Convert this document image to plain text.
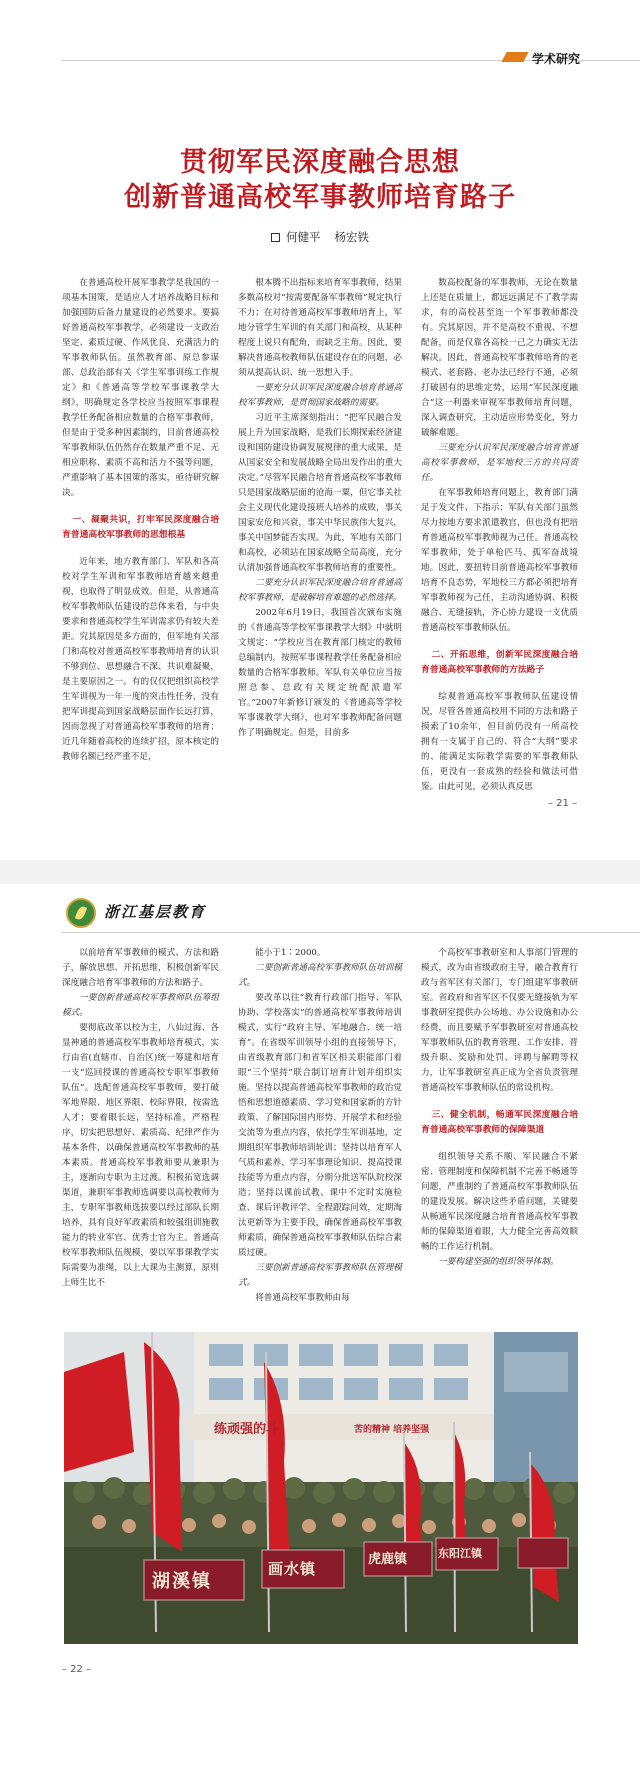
学术研究
贯彻军民深度融合思想
创新普通高校军事教师培育路子
何健平 杨宏铁

在普通高校开展军事教学是我国的一项基本国策，是适应人才培养战略目标和加强国防后备力量建设的必然要求。要搞好普通高校军事教学，必须建设一支政治坚定、素质过硬、作风优良、充满活力的军事教师队伍。虽然教育部、原总参谋部、总政治部有关《学生军事训练工作规定》和《普通高等学校军事课教学大纲》，明确规定各学校应当按照军事课程教学任务配备相应数量的合格军事教师，但是由于受多种因素制约，目前普通高校军事教师队伍仍然存在数量严重不足、无相应职称、素质不高和活力不强等问题，严重影响了基本国策的落实，亟待研究解决。

一、凝聚共识，打牢军民深度融合培育普通高校军事教师的思想根基

近年来，地方教育部门、军队和各高校对学生军训和军事教师培育越来越重视，也取得了明显成效。但是，从普通高校军事教师队伍建设的总体来看，与中央要求和普通高校学生军训需求仍有较大差距。究其原因是多方面的，但军地有关部门和高校对普通高校军事教师培育的认识不够到位、思想融合不深、共识难凝聚，是主要原因之一。有的仅仅把组织高校学生军训视为一年一度的突击性任务，没有把军训提高到国家战略层面作长远打算，因而忽视了对普通高校军事教师的培育；近几年随着高校的连续扩招，原本核定的教师名额已经严重不足，

根本腾不出指标来培育军事教师，结果多数高校对“按需要配备军事教师”规定执行不力；在对待普通高校军事教师培育上，军地分管学生军训的有关部门和高校，从某种程度上说只有配角，而缺乏主角。因此，要解决普通高校教师队伍建设存在的问题，必须从提高认识、统一思想入手。

一要充分认识军民深度融合培育普通高校军事教师，是贯彻国家战略的需要。

习近平主席深刻指出：“把军民融合发展上升为国家战略，是我们长期探索经济建设和国防建设协调发展规律的重大成果，是从国家安全和发展战略全局出发作出的重大决定。”尽管军民融合培育普通高校军事教师只是国家战略层面的沧海一粟，但它事关社会主义现代化建设接班人培养的成败，事关国家安危和兴衰，事关中华民族伟大复兴，事关中国梦能否实现。为此，军地有关部门和高校，必须站在国家战略全局高度，充分认清加强普通高校军事教师培育的重要性。

二要充分认识军民深度融合培育普通高校军事教师，是破解培育难题的必然选择。

2002年6月19日，我国首次颁布实施的《普通高等学校军事课教学大纲》中就明文规定：“学校应当在教育部门核定的教师总编制内，按照军事课程教学任务配备相应数量的合格军事教师。军队有关单位应当按照总参、总政有关规定统配派遣军官。”2007年新修订颁发的《普通高等学校军事课教学大纲》，也对军事教师配备问题作了明确规定。但是，目前多

数高校配备的军事教师，无论在数量上还是在质量上，都远远满足不了教学需求，有的高校甚至连一个军事教师都没有。究其原因，并不是高校不重视、不想配备，而是仅靠各高校一己之力确实无法解决。因此，普通高校军事教师培育的老模式、老套路、老办法已经行不通，必须打破固有的思维定势，运用“军民深度融合”这一利器来审视军事教师培育问题，深入调查研究，主动适应形势变化，努力破解难题。

三要充分认识军民深度融合培育普通高校军事教师，是军地校三方的共同责任。

在军事教师培育问题上，教育部门满足于发文件、下指示；军队有关部门虽然尽力按地方要求派遣教官，但也没有把培育普通高校军事教师视为己任。普通高校军事教师，处于单枪匹马、孤军奋战境地。因此，要扭转目前普通高校军事教师培育不良态势，军地校三方都必须把培育军事教师视为己任，主动沟通协调、积极融合、无缝接轨，齐心协力建设一支优质普通高校军事教师队伍。

二、开拓思维，创新军民深度融合培育普通高校军事教师的方法路子

综观普通高校军事教师队伍建设情况，尽管各普通高校用不同的方法和路子摸索了10余年，但目前仍没有一所高校拥有一支属于自己的、符合“大纲”要求的、能满足实际教学需要的军事教师队伍，更没有一套成熟的经验和做法可借鉴。由此可见，必须认真反思

– 21 –
浙江基层教育

以前培育军事教师的模式、方法和路子，解放思想、开拓思维，积极创新军民深度融合培育军事教师的方法和路子。

一要创新普通高校军事教师队伍筹组模式。

要彻底改革以校为主，八仙过海、各显神通的普通高校军事教师培育模式，实行由省(直辖市、自治区)统一筹建和培育一支“巡回授课的普通高校专职军事教师队伍”。选配普通高校军事教师，要打破军地界限、地区界限、校际界限，按需选人才；要着眼长远，坚持标准，严格程序，切实把思想好、素质高、纪律严作为基本条件，以确保普通高校军事教师的基本素质。普通高校军事教师要从兼职为主，逐渐向专职为主过渡。积极拓宽选调渠道，兼职军事教师选调要以高校教师为主，专职军事教师选拔要以经过部队长期培养，具有良好军政素质和较强组训施教能力的转业军官、优秀士官为主。普通高校军事教师队伍规模，要以军事课教学实际需要为准绳，以上大课为主测算，原则上师生比不

能小于1∶2000。

二要创新普通高校军事教师队伍培训模式。

要改革以往“教育行政部门指导、军队协助、学校落实”的普通高校军事教师培训模式，实行“政府主导、军地融合、统一培育”。在省级军训领导小组的直接领导下，由省级教育部门和省军区相关职能部门着眼“三个坚持”联合制订培育计划并组织实施。坚持以提高普通高校军事教师的政治觉悟和思想道德素质、学习党和国家新的方针政策、了解国际国内形势、开展学术和经验交流等为重点内容，依托学生军训基地，定期组织军事教师培训轮训；坚持以培育军人气质和素养、学习军事理论知识、提高授课技能等为重点内容，分期分批送军队院校深造；坚持以课前试教、课中不定时实施检查、课后评教评学、全程跟踪问效，定期淘汰更新等为主要手段，确保普通高校军事教师素质，确保普通高校军事教师队伍综合素质过硬。

三要创新普通高校军事教师队伍管理模式。

将普通高校军事教师由每

个高校军事教研室和人事部门管理的模式，改为由省级政府主导，融合教育行政与省军区有关部门，专门组建军事教研室。省政府和省军区不仅要无缝接轨为军事教研室提供办公场地、办公设施和办公经费，而且要赋予军事教研室对普通高校军事教师队伍的教育管理、工作安排、晋级升职、奖励和处罚、评聘与解聘等权力，让军事教研室真正成为全省负责管理普通高校军事教师队伍的常设机构。

三、健全机制，畅通军民深度融合培育普通高校军事教师的保障渠道

组织领导关系不顺、军民融合不紧密、管理制度和保障机制不完善不畅通等问题，严重制约了普通高校军事教师队伍的建设发展。解决这些矛盾问题，关键要从畅通军民深度融合培育普通高校军事教师的保障渠道着眼，大力健全完善高效顺畅的工作运行机制。

一要构建坚强的组织领导体制。

练顽强的斗	苦的精神 培养坚强
湖溪镇
画水镇
虎鹿镇	东阳江镇
– 22 –
